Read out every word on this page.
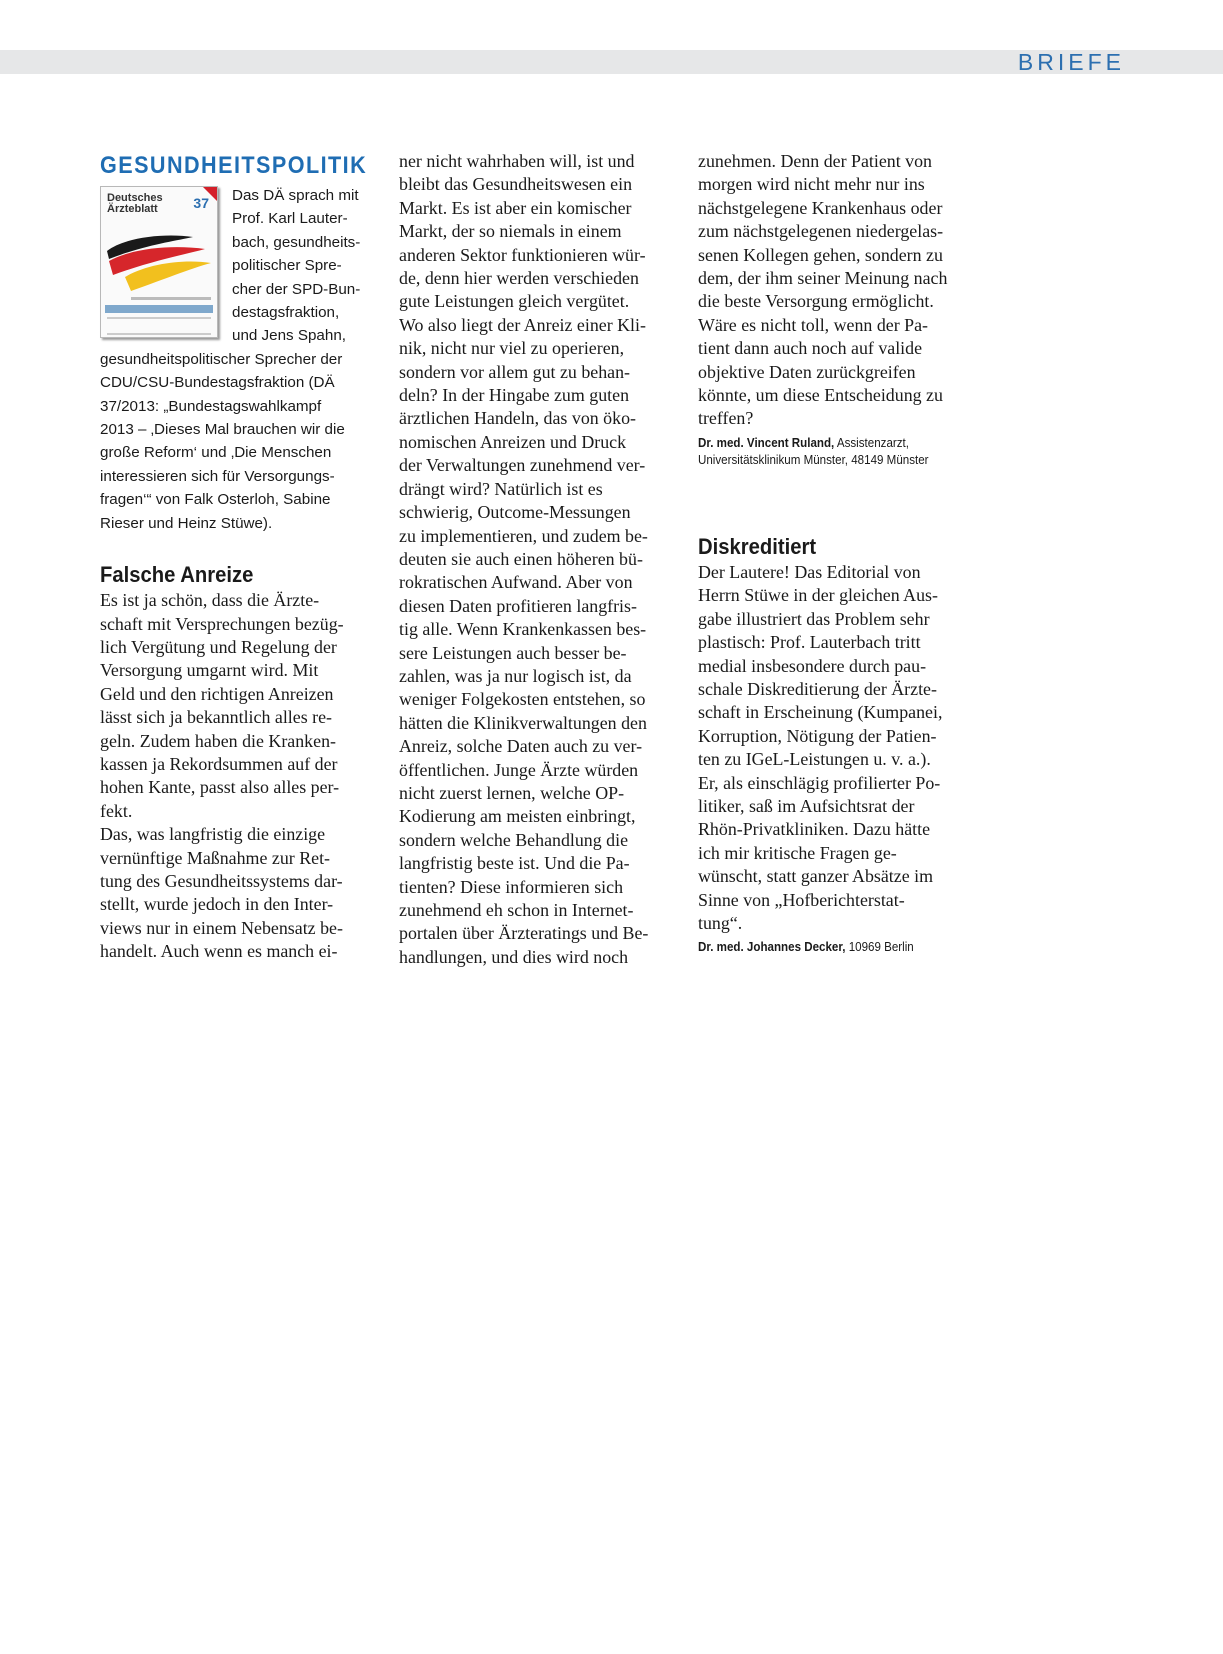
BRIEFE
GESUNDHEITSPOLITIK
Deutsches
Ärzteblatt	37	Das DÄ sprach mit
Prof. Karl Lauter-
bach, gesundheits-
politischer Spre-
cher der SPD-Bun-
destagsfraktion,
und Jens Spahn,
gesundheitspolitischer Sprecher der
CDU/CSU-Bundestagsfraktion (DÄ
37/2013: „Bundestagswahlkampf
2013 – ‚Dieses Mal brauchen wir die
große Reform‘ und ‚Die Menschen
interessieren sich für Versorgungs-
fragen‘“ von Falk Osterloh, Sabine
Rieser und Heinz Stüwe).
Falsche Anreize

Es ist ja schön, dass die Ärzte-
schaft mit Versprechungen bezüg-
lich Vergütung und Regelung der
Versorgung umgarnt wird. Mit
Geld und den richtigen Anreizen
lässt sich ja bekanntlich alles re-
geln. Zudem haben die Kranken-
kassen ja Rekordsummen auf der
hohen Kante, passt also alles per-
fekt.
Das, was langfristig die einzige
vernünftige Maßnahme zur Ret-
tung des Gesundheitssystems dar-
stellt, wurde jedoch in den Inter-
views nur in einem Nebensatz be-
handelt. Auch wenn es manch ei-

ner nicht wahrhaben will, ist und
bleibt das Gesundheitswesen ein
Markt. Es ist aber ein komischer
Markt, der so niemals in einem
anderen Sektor funktionieren wür-
de, denn hier werden verschieden
gute Leistungen gleich vergütet.
Wo also liegt der Anreiz einer Kli-
nik, nicht nur viel zu operieren,
sondern vor allem gut zu behan-
deln? In der Hingabe zum guten
ärztlichen Handeln, das von öko-
nomischen Anreizen und Druck
der Verwaltungen zunehmend ver-
drängt wird? Natürlich ist es
schwierig, Outcome-Messungen
zu implementieren, und zudem be-
deuten sie auch einen höheren bü-
rokratischen Aufwand. Aber von
diesen Daten profitieren langfris-
tig alle. Wenn Krankenkassen bes-
sere Leistungen auch besser be-
zahlen, was ja nur logisch ist, da
weniger Folgekosten entstehen, so
hätten die Klinikverwaltungen den
Anreiz, solche Daten auch zu ver-
öffentlichen. Junge Ärzte würden
nicht zuerst lernen, welche OP-
Kodierung am meisten einbringt,
sondern welche Behandlung die
langfristig beste ist. Und die Pa-
tienten? Diese informieren sich
zunehmend eh schon in Internet-
portalen über Ärzteratings und Be-
handlungen, und dies wird noch

zunehmen. Denn der Patient von
morgen wird nicht mehr nur ins
nächstgelegene Krankenhaus oder
zum nächstgelegenen niedergelas-
senen Kollegen gehen, sondern zu
dem, der ihm seiner Meinung nach
die beste Versorgung ermöglicht.
Wäre es nicht toll, wenn der Pa-
tient dann auch noch auf valide
objektive Daten zurückgreifen
könnte, um diese Entscheidung zu
treffen?

Dr. med. Vincent Ruland, Assistenzarzt,
Universitätsklinikum Münster, 48149 Münster
Diskreditiert

Der Lautere! Das Editorial von
Herrn Stüwe in der gleichen Aus-
gabe illustriert das Problem sehr
plastisch: Prof. Lauterbach tritt
medial insbesondere durch pau-
schale Diskreditierung der Ärzte-
schaft in Erscheinung (Kumpanei,
Korruption, Nötigung der Patien-
ten zu IGeL-Leistungen u. v. a.).
Er, als einschlägig profilierter Po-
litiker, saß im Aufsichtsrat der
Rhön-Privatkliniken. Dazu hätte
ich mir kritische Fragen ge-
wünscht, statt ganzer Absätze im
Sinne von „Hofberichterstat-
tung“.

Dr. med. Johannes Decker, 10969 Berlin
